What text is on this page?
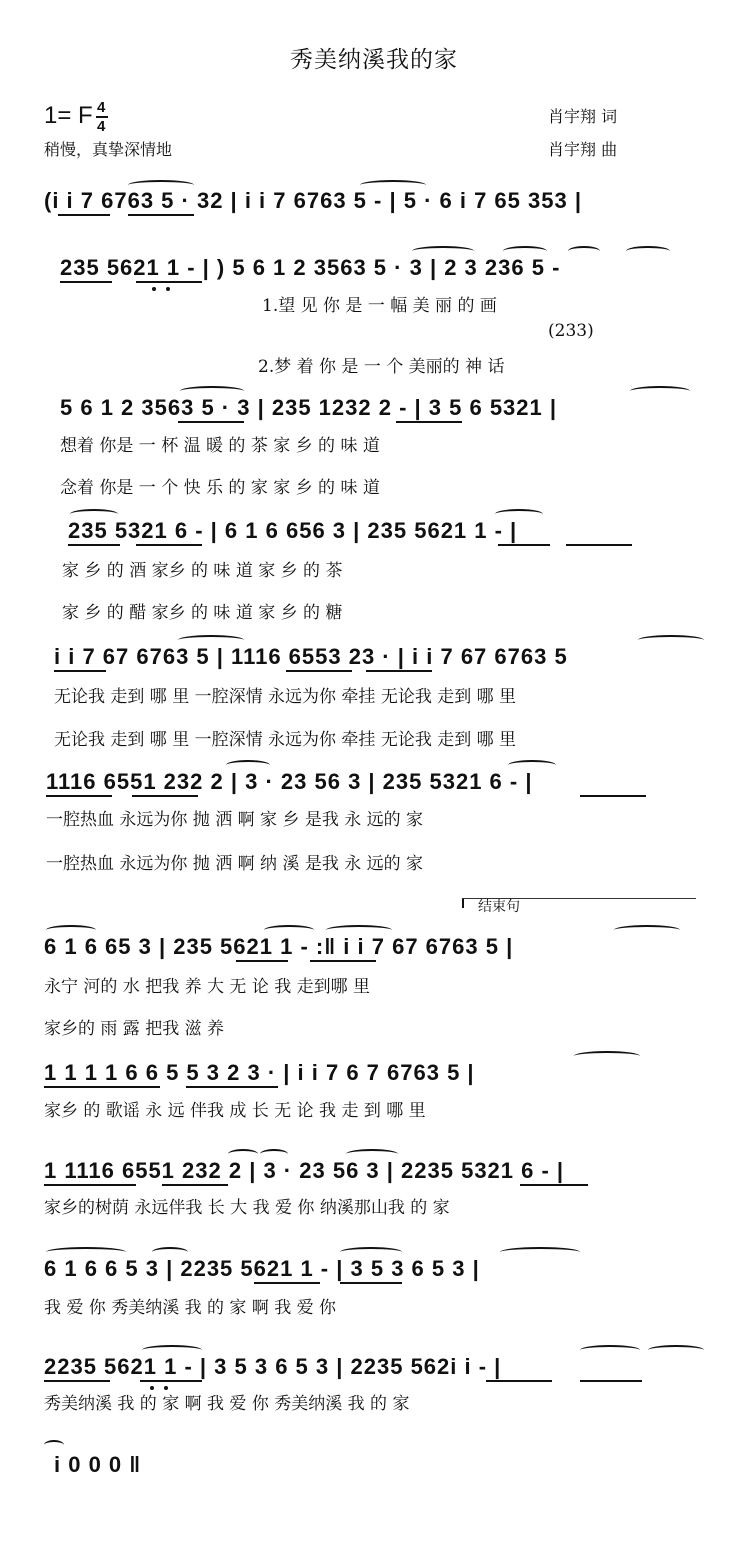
秀美纳溪我的家
1= F 4
4
稍慢，真挚深情地
肖宇翔 词
肖宇翔 曲
(i i 7 6763 5 · 32 | i i 7 6763 5 - | 5 · 6 i 7 65 353 |
235 5621 1 - | ) 5 6 1 2 3563 5 · 3 | 2 3 236 5 -
1.望 见 你 是 一 幅 美 丽 的 画
(233)
2.梦 着 你 是 一 个 美丽的 神 话
5 6 1 2 3563 5 · 3 | 235 1232 2 - | 3 5 6 5321 |
想着 你是 一 杯 温 暖 的 茶 家 乡 的 味 道
念着 你是 一 个 快 乐 的 家 家 乡 的 味 道
235 5321 6 - | 6 1 6 656 3 | 235 5621 1 - |
家 乡 的 酒 家乡 的 味 道 家 乡 的 茶
家 乡 的 醋 家乡 的 味 道 家 乡 的 糖
i i 7 67 6763 5 | 1116 6553 23 · | i i 7 67 6763 5
无论我 走到 哪 里 一腔深情 永远为你 牵挂 无论我 走到 哪 里
无论我 走到 哪 里 一腔深情 永远为你 牵挂 无论我 走到 哪 里
1116 6551 232 2 | 3 · 23 56 3 | 235 5321 6 - |
一腔热血 永远为你 抛 洒 啊 家 乡 是我 永 远的 家
一腔热血 永远为你 抛 洒 啊 纳 溪 是我 永 远的 家
结束句
6 1 6 65 3 | 235 5621 1 - :‖ i i 7 67 6763 5 |
永宁 河的 水 把我 养 大 无 论 我 走到哪 里
家乡的 雨 露 把我 滋 养
1 1 1 1 6 6 5 5 3 2 3 · | i i 7 6 7 6763 5 |
家乡 的 歌谣 永 远 伴我 成 长 无 论 我 走 到 哪 里
1 1116 6551 232 2 | 3 · 23 56 3 | 2235 5321 6 - |
家乡的树荫 永远伴我 长 大 我 爱 你 纳溪那山我 的 家
6 1 6 6 5 3 | 2235 5621 1 - | 3 5 3 6 5 3 |
我 爱 你 秀美纳溪 我 的 家 啊 我 爱 你
2235 5621 1 - | 3 5 3 6 5 3 | 2235 562i i - |
秀美纳溪 我 的 家 啊 我 爱 你 秀美纳溪 我 的 家
i 0 0 0 ‖
